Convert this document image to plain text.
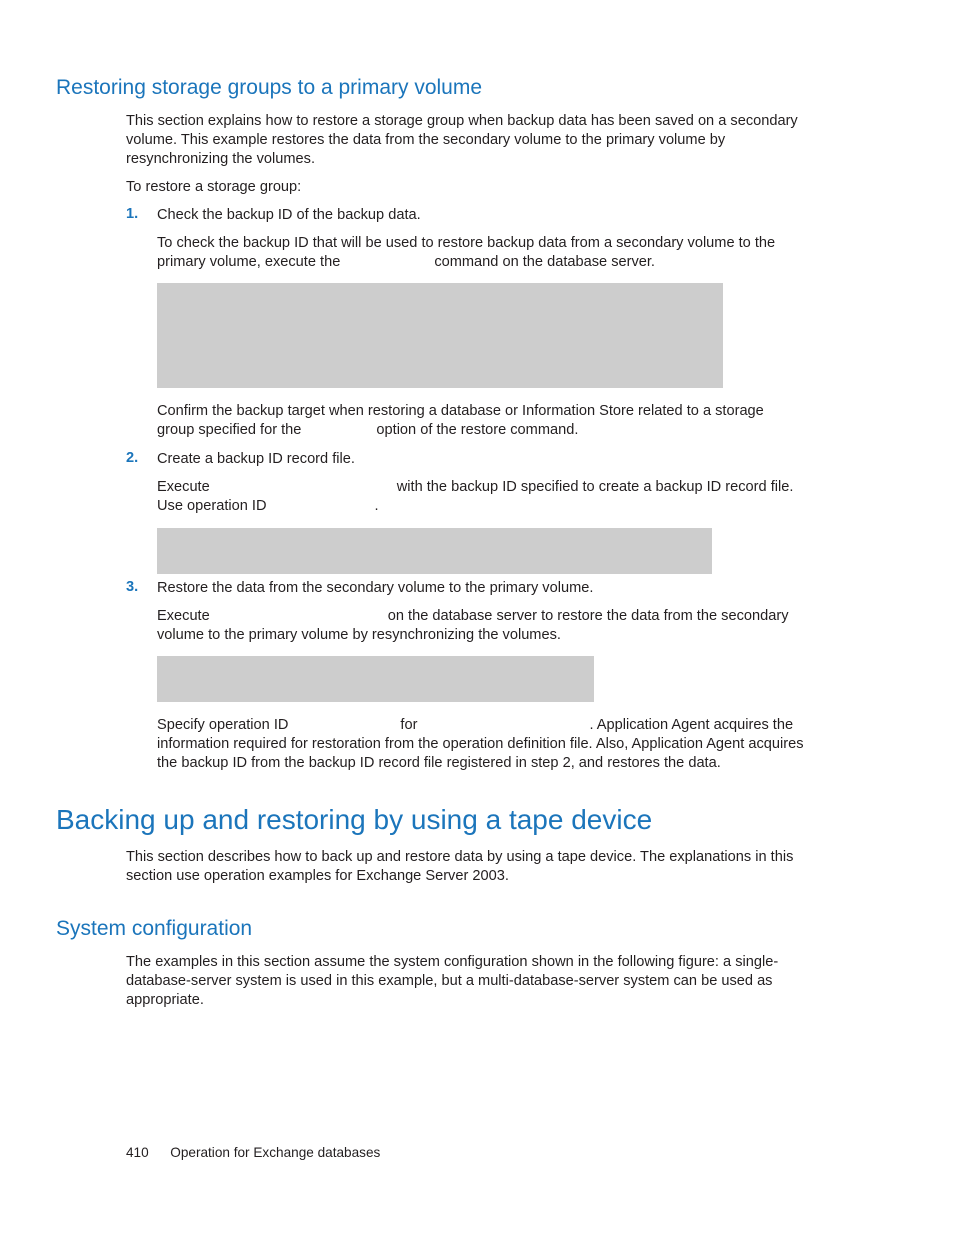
Restoring storage groups to a primary volume

This section explains how to restore a storage group when backup data has been saved on a secondary volume. This example restores the data from the secondary volume to the primary volume by resynchronizing the volumes.

To restore a storage group:

1. Check the backup ID of the backup data.

To check the backup ID that will be used to restore backup data from a secondary volume to the primary volume, execute the	command on the database server.

Confirm the backup target when restoring a database or Information Store related to a storage group specified for the	option of the restore command.

2. Create a backup ID record file.

Execute	with the backup ID specified to create a backup ID record file. Use operation ID	.

3. Restore the data from the secondary volume to the primary volume.

Execute	on the database server to restore the data from the secondary volume to the primary volume by resynchronizing the volumes.

Specify operation ID	for	. Application Agent acquires the information required for restoration from the operation definition file. Also, Application Agent acquires the backup ID from the backup ID record file registered in step 2, and restores the data.

Backing up and restoring by using a tape device

This section describes how to back up and restore data by using a tape device. The explanations in this section use operation examples for Exchange Server 2003.

System configuration

The examples in this section assume the system configuration shown in the following figure: a single-database-server system is used in this example, but a multi-database-server system can be used as appropriate.

410 Operation for Exchange databases
